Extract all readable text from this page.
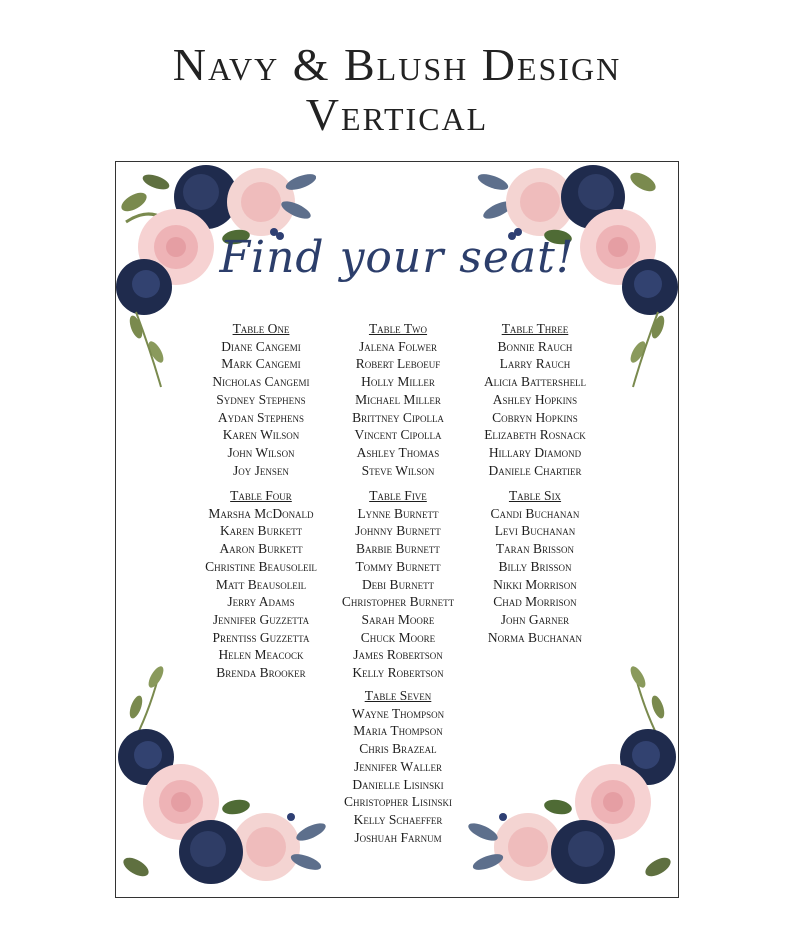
Navy & Blush Design
Vertical
Find your seat!
Table One
Diane Cangemi
Mark Cangemi
Nicholas Cangemi
Sydney Stephens
Aydan Stephens
Karen Wilson
John Wilson
Joy Jensen
Table Two
Jalena Folwer
Robert Leboeuf
Holly Miller
Michael Miller
Brittney Cipolla
Vincent Cipolla
Ashley Thomas
Steve Wilson
Table Three
Bonnie Rauch
Larry Rauch
Alicia Battershell
Ashley Hopkins
Cobryn Hopkins
Elizabeth Rosnack
Hillary Diamond
Daniele Chartier
Table Four
Marsha McDonald
Karen Burkett
Aaron Burkett
Christine Beausoleil
Matt Beausoleil
Jerry Adams
Jennifer Guzzetta
Prentiss Guzzetta
Helen Meacock
Brenda Brooker
Table Five
Lynne Burnett
Johnny Burnett
Barbie Burnett
Tommy Burnett
Debi Burnett
Christopher Burnett
Sarah Moore
Chuck Moore
James Robertson
Kelly Robertson
Table Six
Candi Buchanan
Levi Buchanan
Taran Brisson
Billy Brisson
Nikki Morrison
Chad Morrison
John Garner
Norma Buchanan
Table Seven
Wayne Thompson
Maria Thompson
Chris Brazeal
Jennifer Waller
Danielle Lisinski
Christopher Lisinski
Kelly Schaeffer
Joshuah Farnum
